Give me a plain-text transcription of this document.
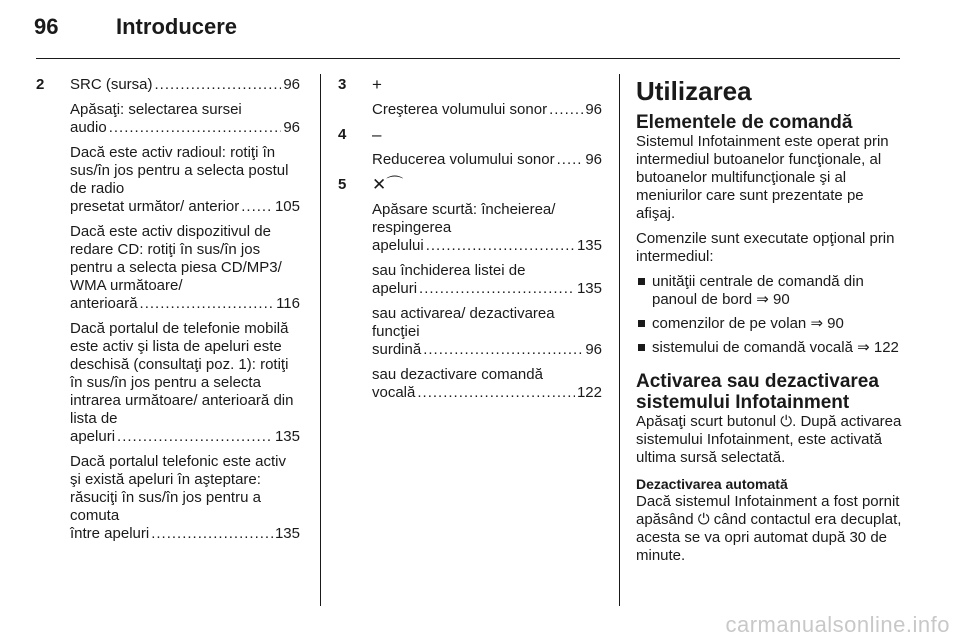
96	Introducere
2 SRC (sursa) .....	96

Apăsaţi: selectarea sursei
audio .....	96

Dacă este activ radioul: rotiţi în sus/în jos pentru a selecta postul de radio
presetat următor/ anterior ..... 105

Dacă este activ dispozitivul de redare CD: rotiţi în sus/în jos pentru a selecta piesa CD/MP3/ WMA următoare/
anterioară .....	116

Dacă portalul de telefonie mobilă este activ şi lista de apeluri este deschisă (consultaţi poz. 1): rotiţi în sus/în jos pentru a selecta intrarea următoare/ anterioară din lista de
apeluri .....	135

Dacă portalul telefonic este activ şi există apeluri în aşteptare: răsuciţi în sus/în jos pentru a comuta
între apeluri .....	135

3 +

Creşterea volumului sonor .....	96

4 –

Reducerea volumului sonor ..... 96

5 ✕⌒

Apăsare scurtă: încheierea/ respingerea
apelului .....	135

sau închiderea listei de
apeluri .....	135

sau activarea/ dezactivarea funcţiei
surdină .....	96

sau dezactivare comandă
vocală .....	122

Utilizarea
Elementele de comandă

Sistemul Infotainment este operat prin intermediul butoanelor funcţionale, al butoanelor multifuncţionale şi al meniurilor care sunt prezentate pe afişaj.

Comenzile sunt executate opţional prin intermediul:

unităţii centrale de comandă din panoul de bord ⇒ 90
comenzilor de pe volan ⇒ 90
sistemului de comandă vocală ⇒ 122
Activarea sau dezactivarea sistemului Infotainment

Apăsaţi scurt butonul ⏻. După activarea sistemului Infotainment, este activată ultima sursă selectată.

Dezactivarea automată

Dacă sistemul Infotainment a fost pornit apăsând ⏻ când contactul era decuplat, acesta se va opri automat după 30 de minute.

carmanualsonline.info
